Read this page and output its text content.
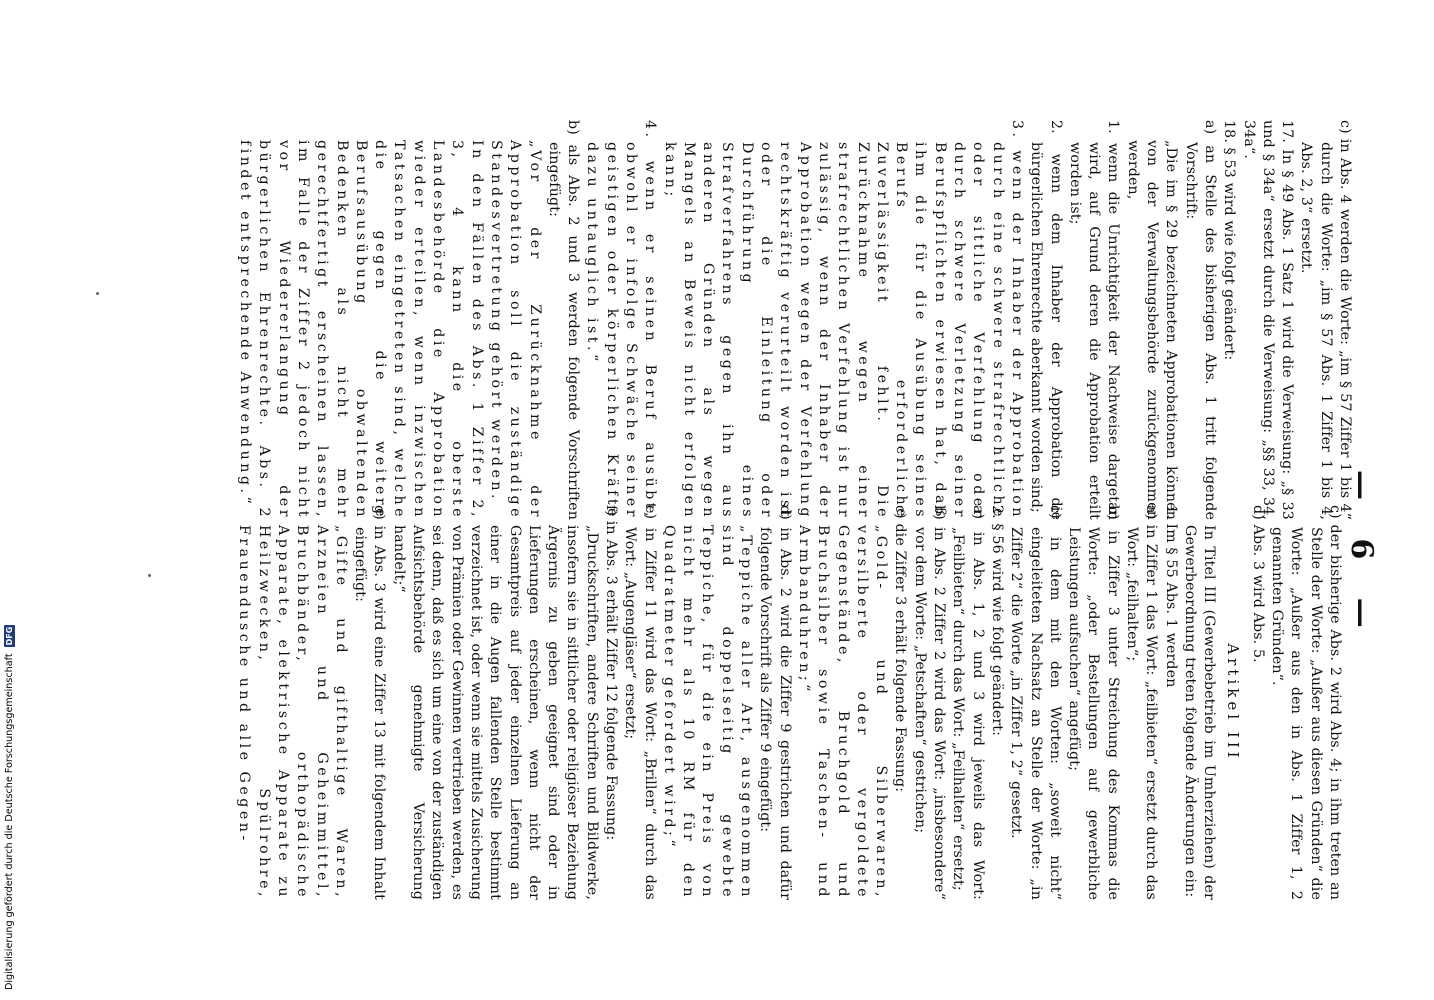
— 6 —

c) in Abs. 4 werden die Worte: „im § 57 Ziffer 1 bis 4“ durch die Worte: „im § 57 Abs. 1 Ziffer 1 bis 4, Abs. 2, 3“ ersetzt.

17. In § 49 Abs. 1 Satz 1 wird die Verweisung: „§ 33 und § 34a“ ersetzt durch die Verweisung: „§§ 33, 34, 34a“.

18. § 53 wird wie folgt geändert:

a) an Stelle des bisherigen Abs. 1 tritt folgende Vorschrift:

„Die im § 29 bezeichneten Approbationen können von der Verwaltungsbehörde zurückgenommen werden,

1. wenn die Unrichtigkeit der Nachweise dargetan wird, auf Grund deren die Approbation erteilt worden ist;

2. wenn dem Inhaber der Approbation die bürgerlichen Ehrenrechte aberkannt worden sind;

3. wenn der Inhaber der Approbation durch eine schwere strafrechtliche oder sittliche Verfehlung oder durch schwere Verletzung seiner Berufspflichten erwiesen hat, daß ihm die für die Ausübung seines Berufs erforderliche Zuverlässigkeit fehlt. Die Zurücknahme wegen einer strafrechtlichen Verfehlung ist nur zulässig, wenn der Inhaber der Approbation wegen der Verfehlung rechtskräftig verurteilt worden ist oder die Einleitung oder Durchführung eines Strafverfahrens gegen ihn aus anderen Gründen als wegen Mangels an Beweis nicht erfolgen kann;

4. wenn er seinen Beruf ausübt, obwohl er infolge Schwäche seiner geistigen oder körperlichen Kräfte dazu untauglich ist.“

b) als Abs. 2 und 3 werden folgende Vorschriften eingefügt:

„Vor der Zurücknahme der Approbation soll die zuständige Standesvertretung gehört werden.

In den Fällen des Abs. 1 Ziffer 2, 3, 4 kann die oberste Landesbehörde die Approbation wieder erteilen, wenn inzwischen Tatsachen eingetreten sind, welche die gegen die weitere Berufsausübung obwaltenden Bedenken als nicht mehr gerechtfertigt erscheinen lassen, im Falle der Ziffer 2 jedoch nicht vor Wiedererlangung der bürgerlichen Ehrenrechte. Abs. 2 findet entsprechende Anwendung.“

c) der bisherige Abs. 2 wird Abs. 4; in ihm treten an Stelle der Worte: „Außer aus diesen Gründen“ die Worte: „Außer aus den in Abs. 1 Ziffer 1, 2 genannten Gründen“.

d) Abs. 3 wird Abs. 5.

Artikel III

In Titel III (Gewerbebetrieb im Umherziehen) der Gewerbeordnung treten folgende Änderungen ein:

1. Im § 55 Abs. 1 werden

a) in Ziffer 1 das Wort: „feilbieten“ ersetzt durch das Wort: „feilhalten“;

b) in Ziffer 3 unter Streichung des Kommas die Worte: „oder Bestellungen auf gewerbliche Leistungen aufsuchen“ angefügt;

c) in dem mit den Worten: „soweit nicht“ eingeleiteten Nachsatz an Stelle der Worte: „in Ziffer 2“ die Worte „in Ziffer 1, 2“ gesetzt.

2. § 56 wird wie folgt geändert:

a) in Abs. 1, 2 und 3 wird jeweils das Wort: „Feilbieten“ durch das Wort: „Feilhalten“ ersetzt;

b) in Abs. 2 Ziffer 2 wird das Wort: „insbesondere“ vor dem Worte: „Petschaften“ gestrichen;

c) die Ziffer 3 erhält folgende Fassung:

„Gold- und Silberwaren, versilberte oder vergoldete Gegenstände, Bruchgold und Bruchsilber sowie Taschen- und Armbanduhren;“

d) in Abs. 2 wird die Ziffer 9 gestrichen und dafür folgende Vorschrift als Ziffer 9 eingefügt:

„Teppiche aller Art, ausgenommen sind doppelseitig gewebte Teppiche, für die ein Preis von nicht mehr als 10 RM für den Quadratmeter gefordert wird;“

e) in Ziffer 11 wird das Wort: „Brillen“ durch das Wort: „Augengläser“ ersetzt;

f) in Abs. 3 erhält Ziffer 12 folgende Fassung:

„Druckschriften, andere Schriften und Bildwerke, insofern sie in sittlicher oder religiöser Beziehung Ärgernis zu geben geeignet sind oder in Lieferungen erscheinen, wenn nicht der Gesamtpreis auf jeder einzelnen Lieferung an einer in die Augen fallenden Stelle bestimmt verzeichnet ist, oder wenn sie mittels Zusicherung von Prämien oder Gewinnen vertrieben werden, es sei denn, daß es sich um eine von der zuständigen Aufsichtsbehörde genehmigte Versicherung handelt;“

g) in Abs. 3 wird eine Ziffer 13 mit folgendem Inhalt eingefügt:

„Gifte und gifthaltige Waren, Arzneien und Geheimmittel, Bruchbänder, orthopädische Apparate, elektrische Apparate zu Heilzwecken, Spülrohre, Frauendusche und alle Gegen-

Digitalisierung gefördert durch die Deutsche Forschungsgemeinschaft DFG
